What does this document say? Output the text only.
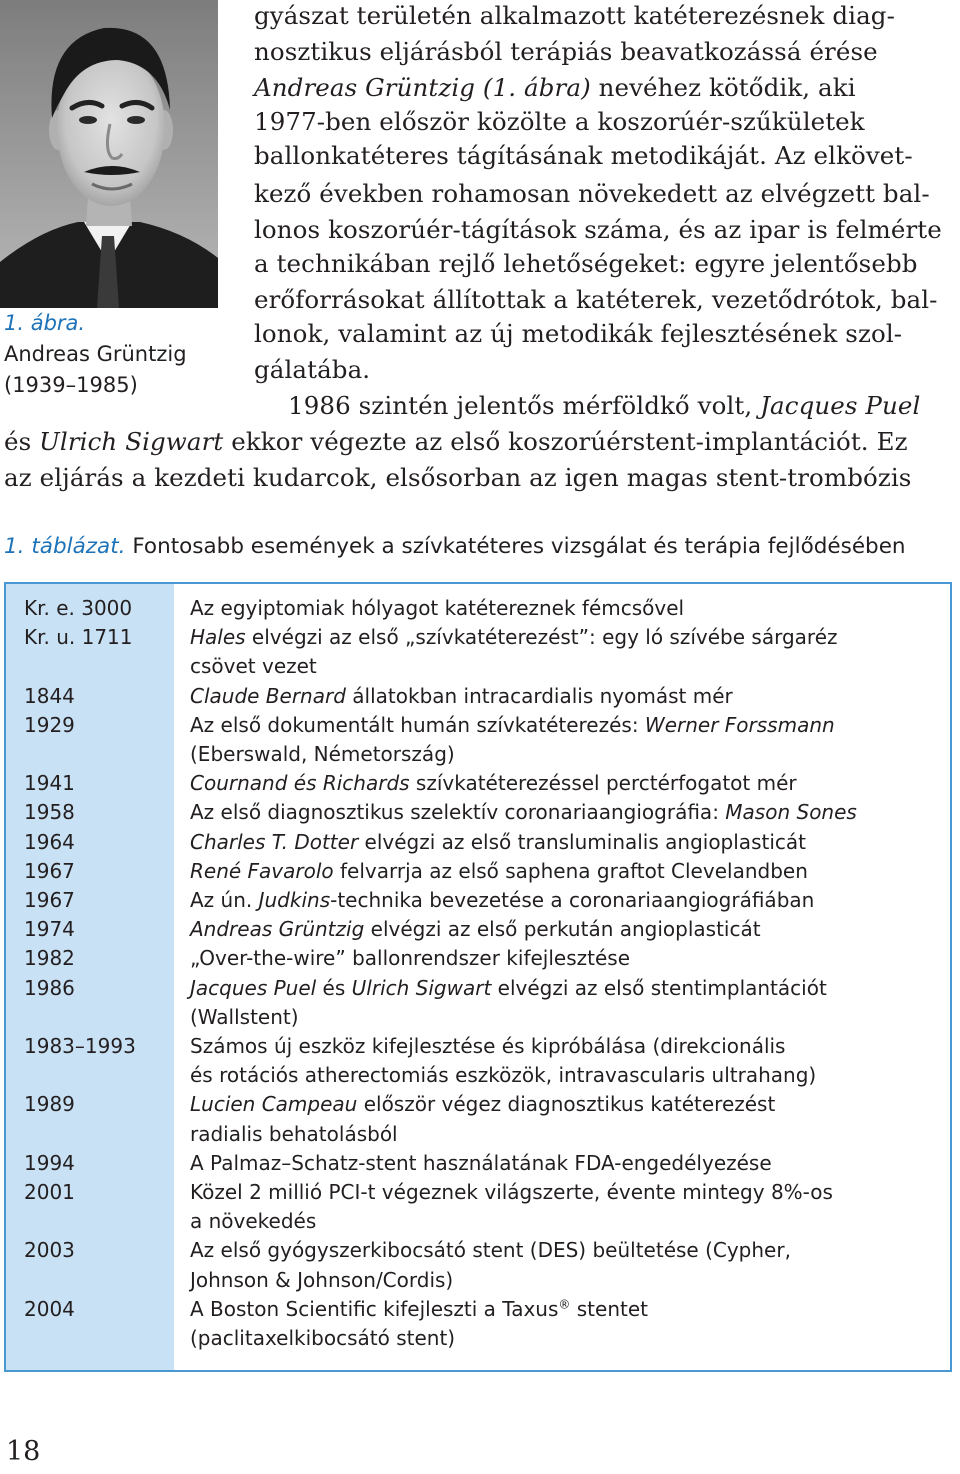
1. ábra.
Andreas Grüntzig
(1939–1985)
gyászat területén alkalmazott katéterezésnek diag-
nosztikus eljárásból terápiás beavatkozássá érése
Andreas Grüntzig (1. ábra) nevéhez kötődik, aki
1977-ben először közölte a koszorúér-szűkületek
ballonkatéteres tágításának metodikáját. Az elkövet-
kező években rohamosan növekedett az elvégzett bal-
lonos koszorúér-tágítások száma, és az ipar is felmérte
a technikában rejlő lehetőségeket: egyre jelentősebb
erőforrásokat állítottak a katéterek, vezetődrótok, bal-
lonok, valamint az új metodikák fejlesztésének szol-
gálatába.
1986 szintén jelentős mérföldkő volt, Jacques Puel
és Ulrich Sigwart ekkor végezte az első koszorúérstent-implantációt. Ez
az eljárás a kezdeti kudarcok, elsősorban az igen magas stent-trombózis
1. táblázat. Fontosabb események a szívkatéteres vizsgálat és terápia fejlődésében
Kr. e. 3000	Az egyiptomiak hólyagot katétereznek fémcsővel
Kr. u. 1711	Hales elvégzi az első „szívkatéterezést”: egy ló szívébe sárgaréz
csövet vezet
1844	Claude Bernard állatokban intracardialis nyomást mér
1929	Az első dokumentált humán szívkatéterezés: Werner Forssmann
(Eberswald, Németország)
1941	Cournand és Richards szívkatéterezéssel perctérfogatot mér
1958	Az első diagnosztikus szelektív coronariaangiográfia: Mason Sones
1964	Charles T. Dotter elvégzi az első transluminalis angioplasticát
1967	René Favarolo felvarrja az első saphena graftot Clevelandben
1967	Az ún. Judkins-technika bevezetése a coronariaangiográfiában
1974	Andreas Grüntzig elvégzi az első perkután angioplasticát
1982	„Over-the-wire” ballonrendszer kifejlesztése
1986	Jacques Puel és Ulrich Sigwart elvégzi az első stentimplantációt
(Wallstent)
1983–1993	Számos új eszköz kifejlesztése és kipróbálása (direkcionális
és rotációs atherectomiás eszközök, intravascularis ultrahang)
1989	Lucien Campeau először végez diagnosztikus katéterezést
radialis behatolásból
1994	A Palmaz–Schatz-stent használatának FDA-engedélyezése
2001	Közel 2 millió PCI-t végeznek világszerte, évente mintegy 8%-os
a növekedés
2003	Az első gyógyszerkibocsátó stent (DES) beültetése (Cypher,
Johnson & Johnson/Cordis)
2004	A Boston Scientific kifejleszti a Taxus® stentet
(paclitaxelkibocsátó stent)
18
